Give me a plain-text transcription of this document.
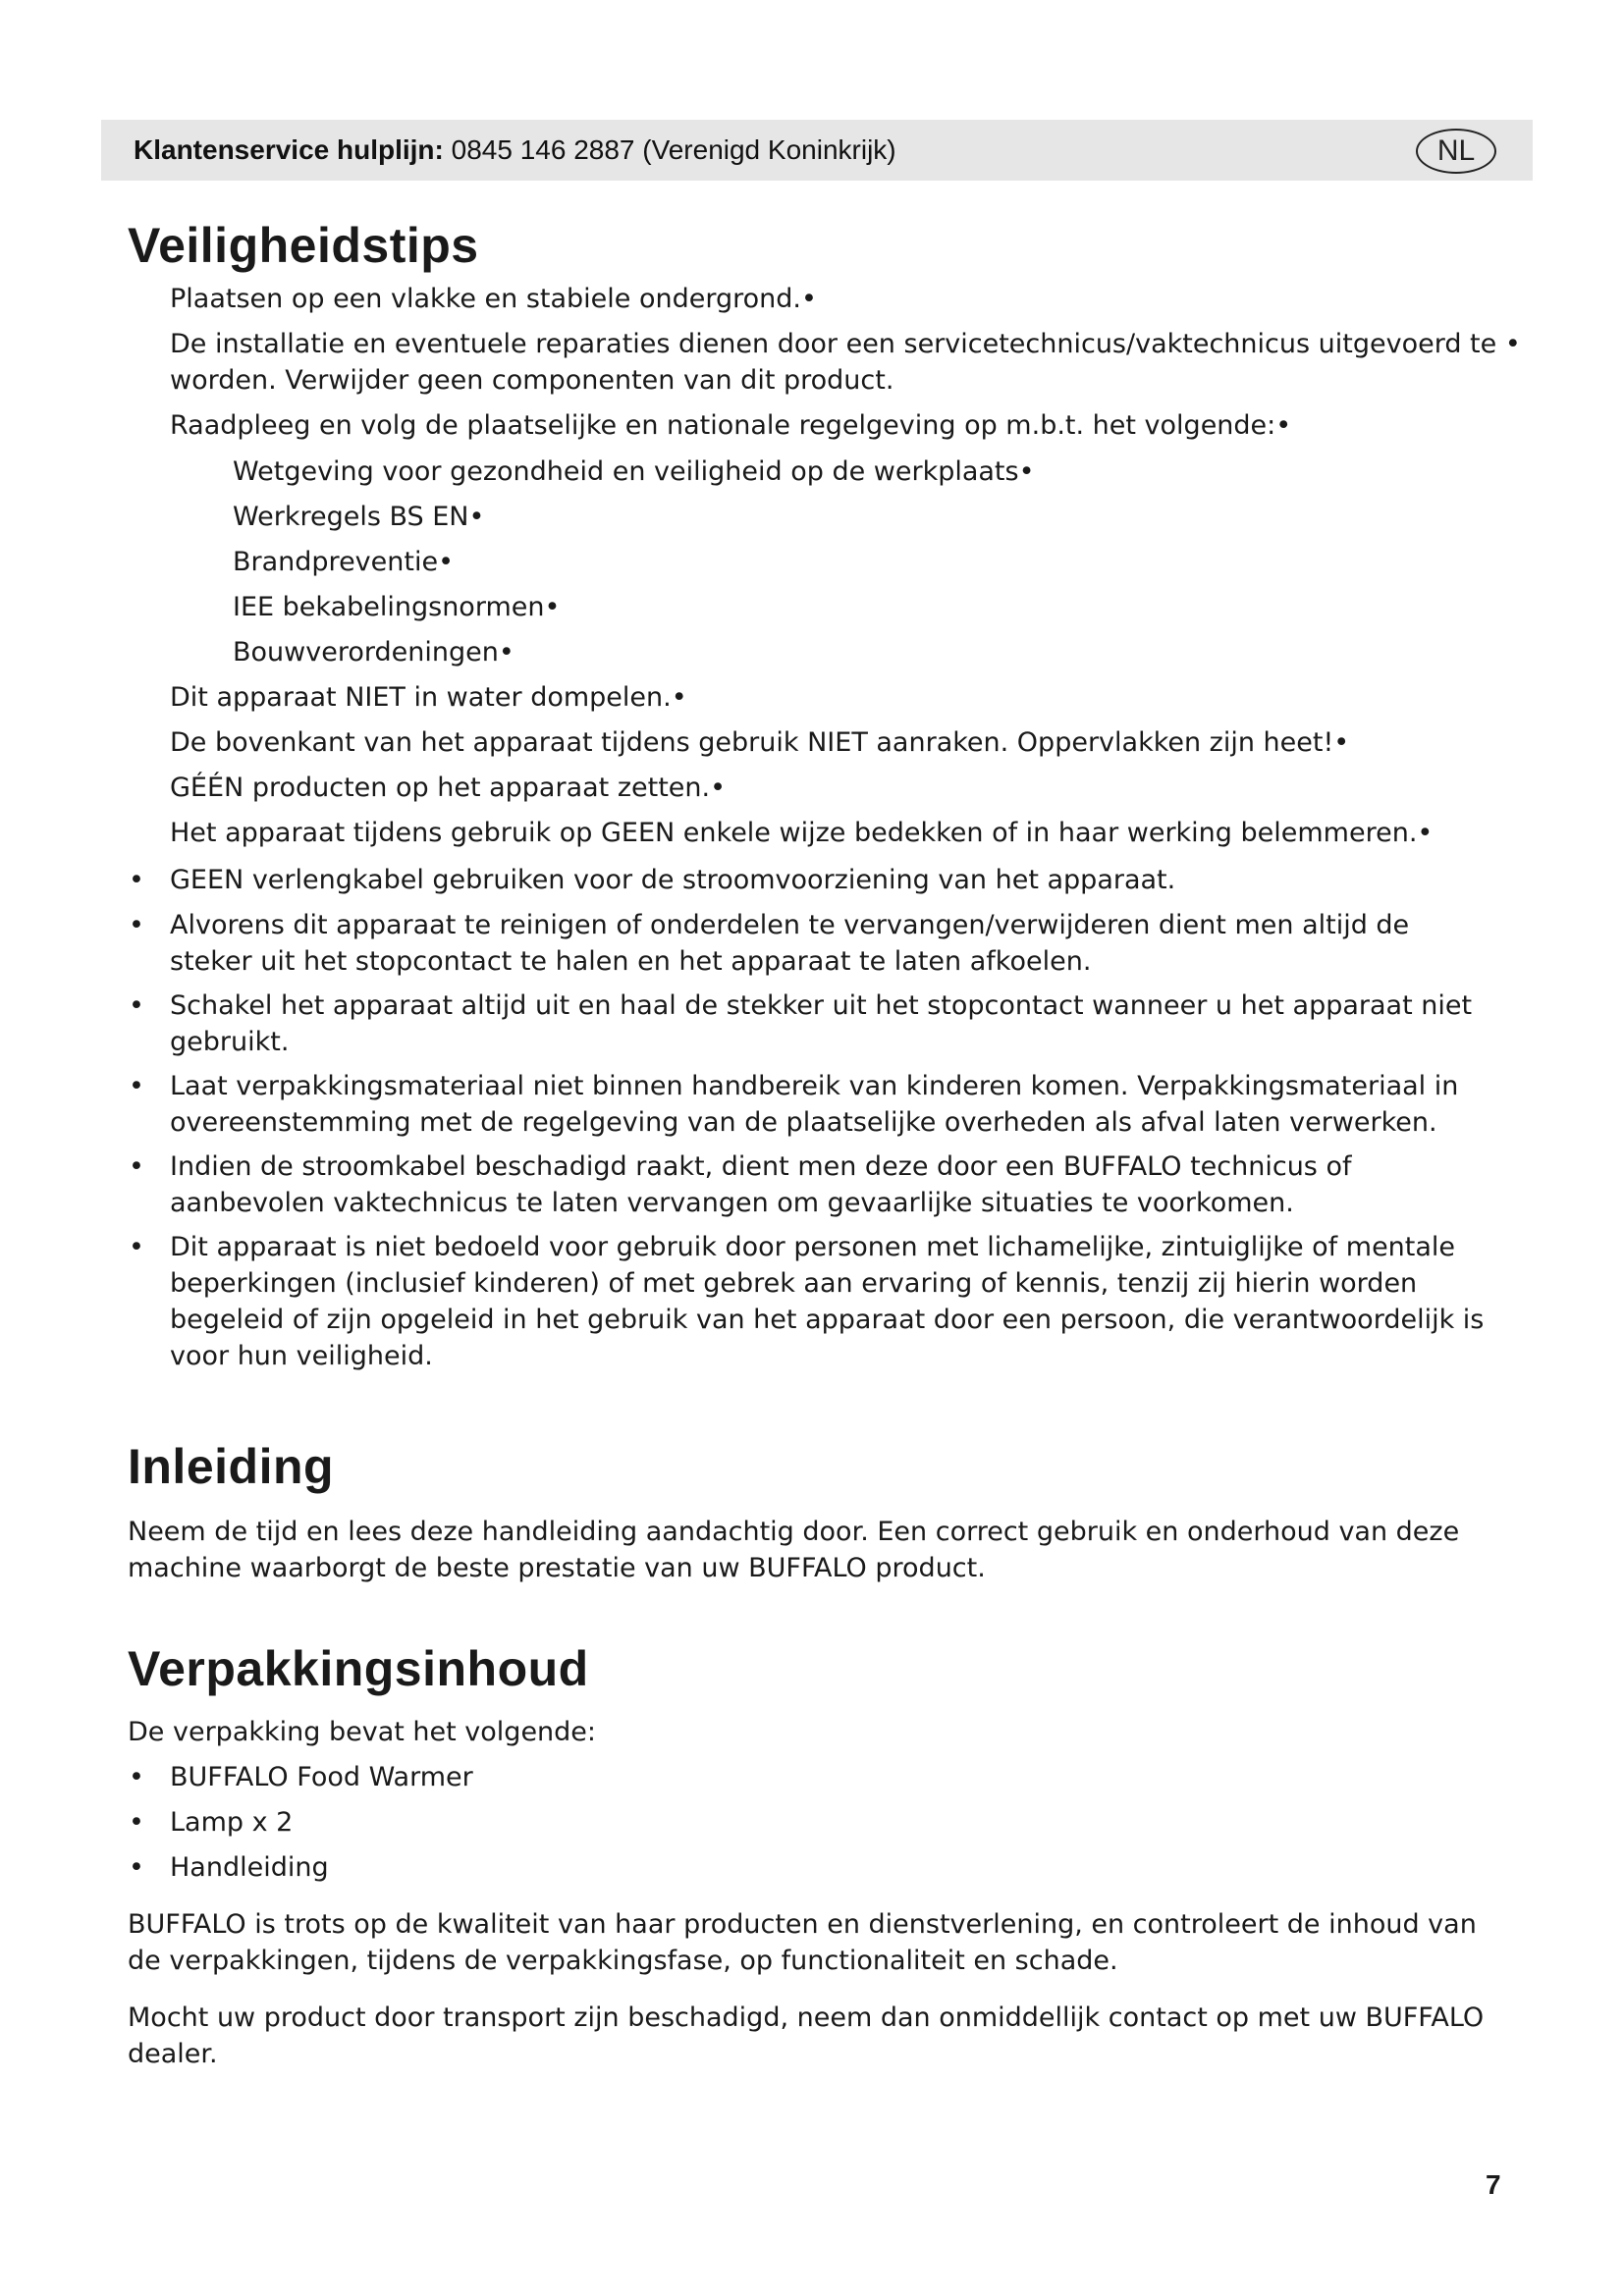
Klantenservice hulplijn: 0845 146 2887 (Verenigd Koninkrijk)	NL
Veiligheidstips

Plaatsen op een vlakke en stabiele ondergrond.•

De installatie en eventuele reparaties dienen door een servicetechnicus/vaktechnicus uitgevoerd te •

worden. Verwijder geen componenten van dit product.

Raadpleeg en volg de plaatselijke en nationale regelgeving op m.b.t. het volgende:•

Wetgeving voor gezondheid en veiligheid op de werkplaats•

Werkregels BS EN•

Brandpreventie•

IEE bekabelingsnormen•

Bouwverordeningen•

Dit apparaat NIET in water dompelen.•

De bovenkant van het apparaat tijdens gebruik NIET aanraken. Oppervlakken zijn heet!•

GÉÉN producten op het apparaat zetten.•

Het apparaat tijdens gebruik op GEEN enkele wijze bedekken of in haar werking belemmeren.•

• GEEN verlengkabel gebruiken voor de stroomvoorziening van het apparaat.

• Alvorens dit apparaat te reinigen of onderdelen te vervangen/verwijderen dient men altijd de

steker uit het stopcontact te halen en het apparaat te laten afkoelen.

• Schakel het apparaat altijd uit en haal de stekker uit het stopcontact wanneer u het apparaat niet

gebruikt.

• Laat verpakkingsmateriaal niet binnen handbereik van kinderen komen. Verpakkingsmateriaal in

overeenstemming met de regelgeving van de plaatselijke overheden als afval laten verwerken.

• Indien de stroomkabel beschadigd raakt, dient men deze door een BUFFALO technicus of

aanbevolen vaktechnicus te laten vervangen om gevaarlijke situaties te voorkomen.

• Dit apparaat is niet bedoeld voor gebruik door personen met lichamelijke, zintuiglijke of mentale

beperkingen (inclusief kinderen) of met gebrek aan ervaring of kennis, tenzij zij hierin worden

begeleid of zijn opgeleid in het gebruik van het apparaat door een persoon, die verantwoordelijk is

voor hun veiligheid.

Inleiding

Neem de tijd en lees deze handleiding aandachtig door. Een correct gebruik en onderhoud van deze

machine waarborgt de beste prestatie van uw BUFFALO product.

Verpakkingsinhoud

De verpakking bevat het volgende:

• BUFFALO Food Warmer

• Lamp x 2

• Handleiding

BUFFALO is trots op de kwaliteit van haar producten en dienstverlening, en controleert de inhoud van

de verpakkingen, tijdens de verpakkingsfase, op functionaliteit en schade.

Mocht uw product door transport zijn beschadigd, neem dan onmiddellijk contact op met uw BUFFALO

dealer.

7
